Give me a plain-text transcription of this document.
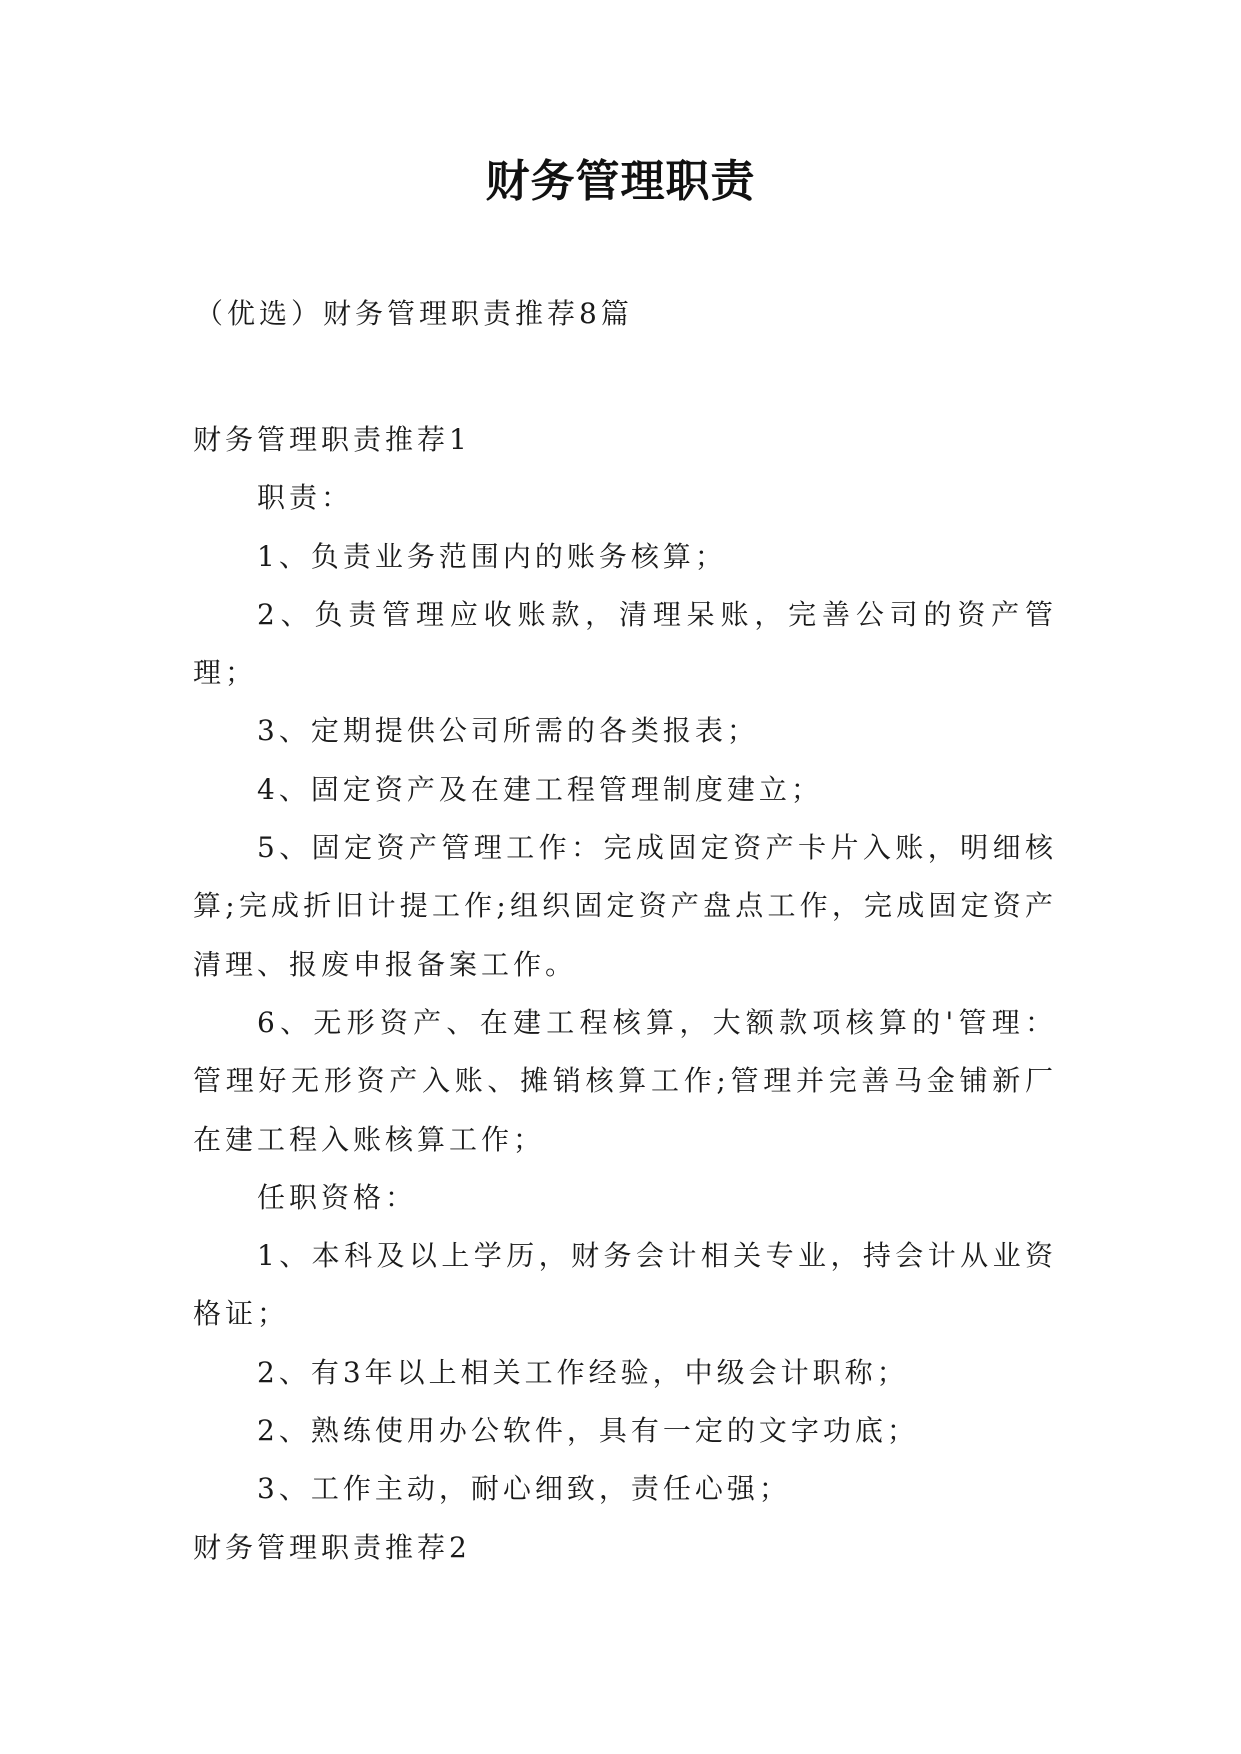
财务管理职责
（优选）财务管理职责推荐8篇

财务管理职责推荐1

职责：

1、负责业务范围内的账务核算；

2、负责管理应收账款，清理呆账，完善公司的资产管理；

3、定期提供公司所需的各类报表；

4、固定资产及在建工程管理制度建立；

5、固定资产管理工作：完成固定资产卡片入账，明细核算;完成折旧计提工作;组织固定资产盘点工作，完成固定资产清理、报废申报备案工作。

6、无形资产、在建工程核算，大额款项核算的'管理：管理好无形资产入账、摊销核算工作;管理并完善马金铺新厂在建工程入账核算工作；

任职资格：

1、本科及以上学历，财务会计相关专业，持会计从业资格证；

2、有3年以上相关工作经验，中级会计职称；

2、熟练使用办公软件，具有一定的文字功底；

3、工作主动，耐心细致，责任心强；

财务管理职责推荐2
